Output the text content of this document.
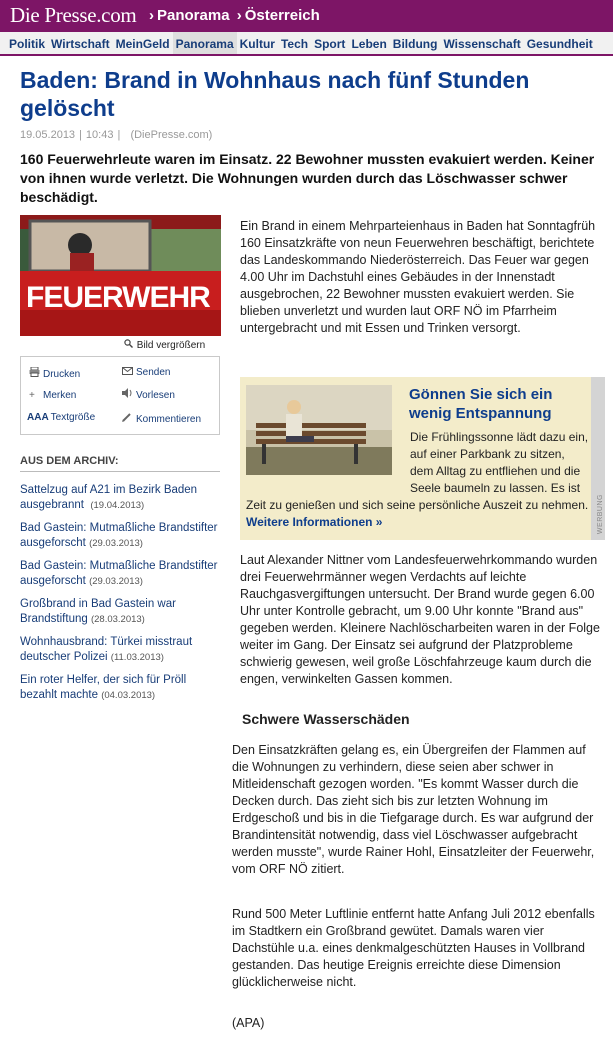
Die Presse.com › Panorama › Österreich
Politik Wirtschaft MeinGeld Panorama Kultur Tech Sport Leben Bildung Wissenschaft Gesundheit
Baden: Brand in Wohnhaus nach fünf Stunden gelöscht
19.05.2013 | 10:43 | (DiePresse.com)
160 Feuerwehrleute waren im Einsatz. 22 Bewohner mussten evakuiert werden. Keiner von ihnen wurde verletzt. Die Wohnungen wurden durch das Löschwasser schwer beschädigt.
FEUERWEHR
Bild vergrößern
Drucken	Senden
+ Merken	Vorlesen
AAA Textgröße	Kommentieren
AUS DEM ARCHIV:
Sattelzug auf A21 im Bezirk Baden ausgebrannt (19.04.2013)
Bad Gastein: Mutmaßliche Brandstifter ausgeforscht (29.03.2013)
Bad Gastein: Mutmaßliche Brandstifter ausgeforscht (29.03.2013)
Großbrand in Bad Gastein war Brandstiftung (28.03.2013)
Wohnhausbrand: Türkei misstraut deutscher Polizei (11.03.2013)
Ein roter Helfer, der sich für Pröll bezahlt machte (04.03.2013)

Ein Brand in einem Mehrparteienhaus in Baden hat Sonntagfrüh 160 Einsatzkräfte von neun Feuerwehren beschäftigt, berichtete das Landeskommando Niederösterreich. Das Feuer war gegen 4.00 Uhr im Dachstuhl eines Gebäudes in der Innenstadt ausgebrochen, 22 Bewohner mussten evakuiert werden. Sie blieben unverletzt und wurden laut ORF NÖ im Pfarrheim untergebracht und mit Essen und Trinken versorgt.

Gönnen Sie sich ein wenig Entspannung
Die Frühlingssonne lädt dazu ein, auf einer Parkbank zu sitzen, dem Alltag zu entfliehen und die Seele baumeln zu lassen. Es ist Zeit zu genießen und sich seine persönliche Auszeit zu nehmen. Weitere Informationen »	WERBUNG

Laut Alexander Nittner vom Landesfeuerwehrkommando wurden drei Feuerwehrmänner wegen Verdachts auf leichte Rauchgasvergiftungen untersucht. Der Brand wurde gegen 6.00 Uhr unter Kontrolle gebracht, um 9.00 Uhr konnte "Brand aus" gegeben werden. Kleinere Nachlöscharbeiten waren in der Folge weiter im Gang. Der Einsatz sei aufgrund der Platzprobleme schwierig gewesen, weil große Löschfahrzeuge kaum durch die engen, verwinkelten Gassen kommen.

Schwere Wasserschäden

Den Einsatzkräften gelang es, ein Übergreifen der Flammen auf die Wohnungen zu verhindern, diese seien aber schwer in Mitleidenschaft gezogen worden. "Es kommt Wasser durch die Decken durch. Das zieht sich bis zur letzten Wohnung im Erdgeschoß und bis in die Tiefgarage durch. Es war aufgrund der Brandintensität notwendig, dass viel Löschwasser aufgebracht werden musste", wurde Rainer Hohl, Einsatzleiter der Feuerwehr, vom ORF NÖ zitiert.

Rund 500 Meter Luftlinie entfernt hatte Anfang Juli 2012 ebenfalls im Stadtkern ein Großbrand gewütet. Damals waren vier Dachstühle u.a. eines denkmalgeschützten Hauses in Vollbrand gestanden. Das heutige Ereignis erreichte diese Dimension glücklicherweise nicht.

(APA)
